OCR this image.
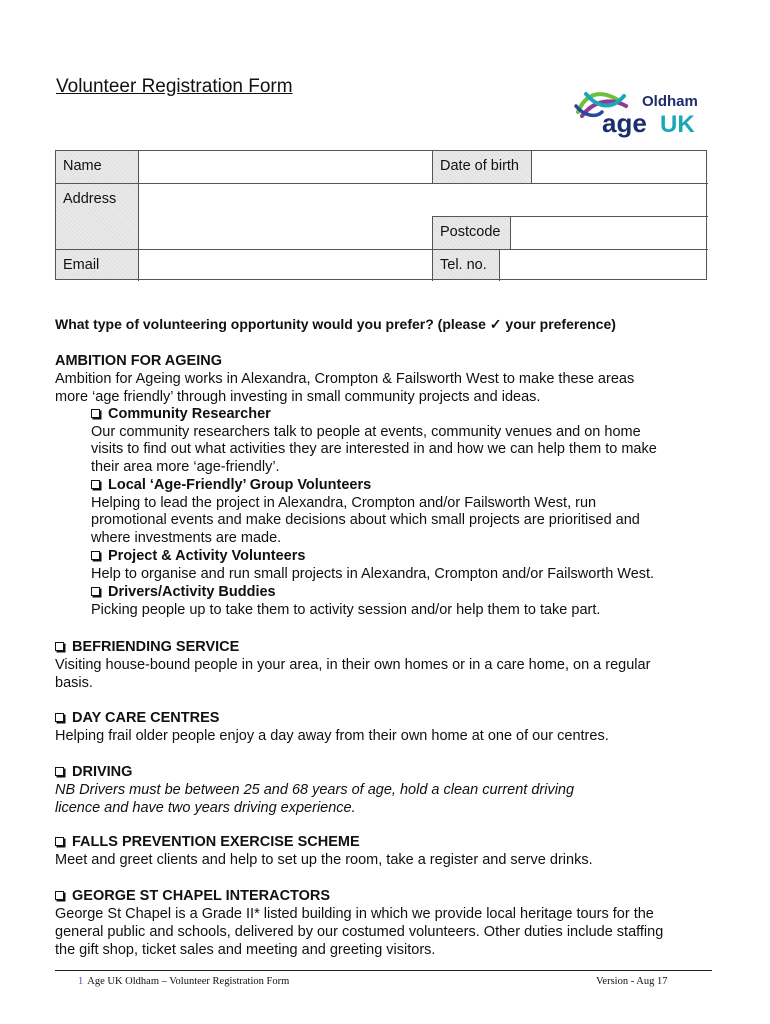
Volunteer Registration Form
Oldham
age UK
Name	Date of birth
Address
Postcode
Email	Tel. no.
What type of volunteering opportunity would you prefer? (please ✓ your preference)
AMBITION FOR AGEING
Ambition for Ageing works in Alexandra, Crompton & Failsworth West to make these areas
more ‘age friendly’ through investing in small community projects and ideas.
Community Researcher
Our community researchers talk to people at events, community venues and on home
visits to find out what activities they are interested in and how we can help them to make
their area more ‘age-friendly’.
Local ‘Age-Friendly’ Group Volunteers
Helping to lead the project in Alexandra, Crompton and/or Failsworth West, run
promotional events and make decisions about which small projects are prioritised and
where investments are made.
Project & Activity Volunteers
Help to organise and run small projects in Alexandra, Crompton and/or Failsworth West.
Drivers/Activity Buddies
Picking people up to take them to activity session and/or help them to take part.
BEFRIENDING SERVICE
Visiting house-bound people in your area, in their own homes or in a care home, on a regular
basis.
DAY CARE CENTRES
Helping frail older people enjoy a day away from their own home at one of our centres.
DRIVING
NB Drivers must be between 25 and 68 years of age, hold a clean current driving
licence and have two years driving experience.
FALLS PREVENTION EXERCISE SCHEME
Meet and greet clients and help to set up the room, take a register and serve drinks.
GEORGE ST CHAPEL INTERACTORS
George St Chapel is a Grade II* listed building in which we provide local heritage tours for the
general public and schools, delivered by our costumed volunteers. Other duties include staffing
the gift shop, ticket sales and meeting and greeting visitors.
1 Age UK Oldham – Volunteer Registration Form	Version - Aug 17
